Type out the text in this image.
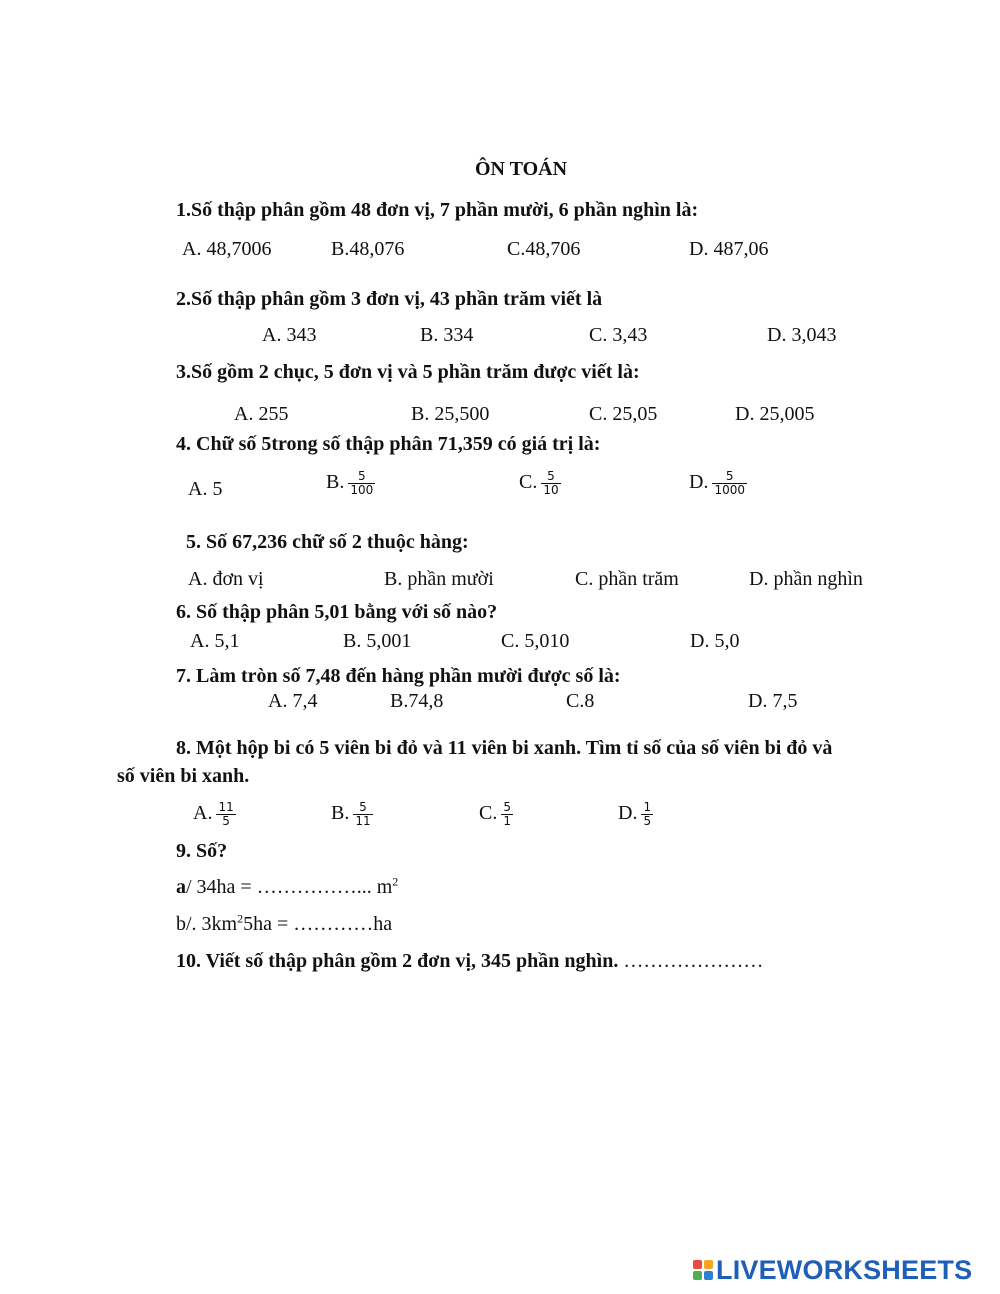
ÔN TOÁN
1.Số thập phân gồm 48 đơn vị, 7 phần mười, 6 phần nghìn là:
A. 48,7006	B.48,076	C.48,706	D. 487,06
2.Số thập phân gồm 3 đơn vị, 43 phần trăm viết là
A. 343	B. 334	C. 3,43	D. 3,043
3.Số gồm 2 chục, 5 đơn vị và 5 phần trăm được viết là:
A. 255	B. 25,500	C. 25,05	D. 25,005
4. Chữ số 5trong số thập phân 71,359 có giá trị là:
A. 5	B. $\frac{5}{100}$	C. $\frac{5}{10}$	D. $\frac{5}{1000}$
5. Số 67,236 chữ số 2 thuộc hàng:
A. đơn vị	B. phần mười	C. phần trăm	D. phần nghìn
6. Số thập phân 5,01 bằng với số nào?
A. 5,1	B. 5,001	C. 5,010	D. 5,0
7. Làm tròn số 7,48 đến hàng phần mười được số là:
A. 7,4	B.74,8	C.8	D. 7,5
8. Một hộp bi có 5 viên bi đỏ và 11 viên bi xanh. Tìm tỉ số của số viên bi đỏ và
số viên bi xanh.
A. $\frac{11}{5}$	B. $\frac{5}{11}$	C. $\frac{5}{1}$	D. $\frac{1}{5}$
9. Số?
a/ 34ha = ……………... $m^2$
b/. $3km^25ha$ = …………ha
10. Viết số thập phân gồm 2 đơn vị, 345 phần nghìn. …………………
LIVEWORKSHEETS
